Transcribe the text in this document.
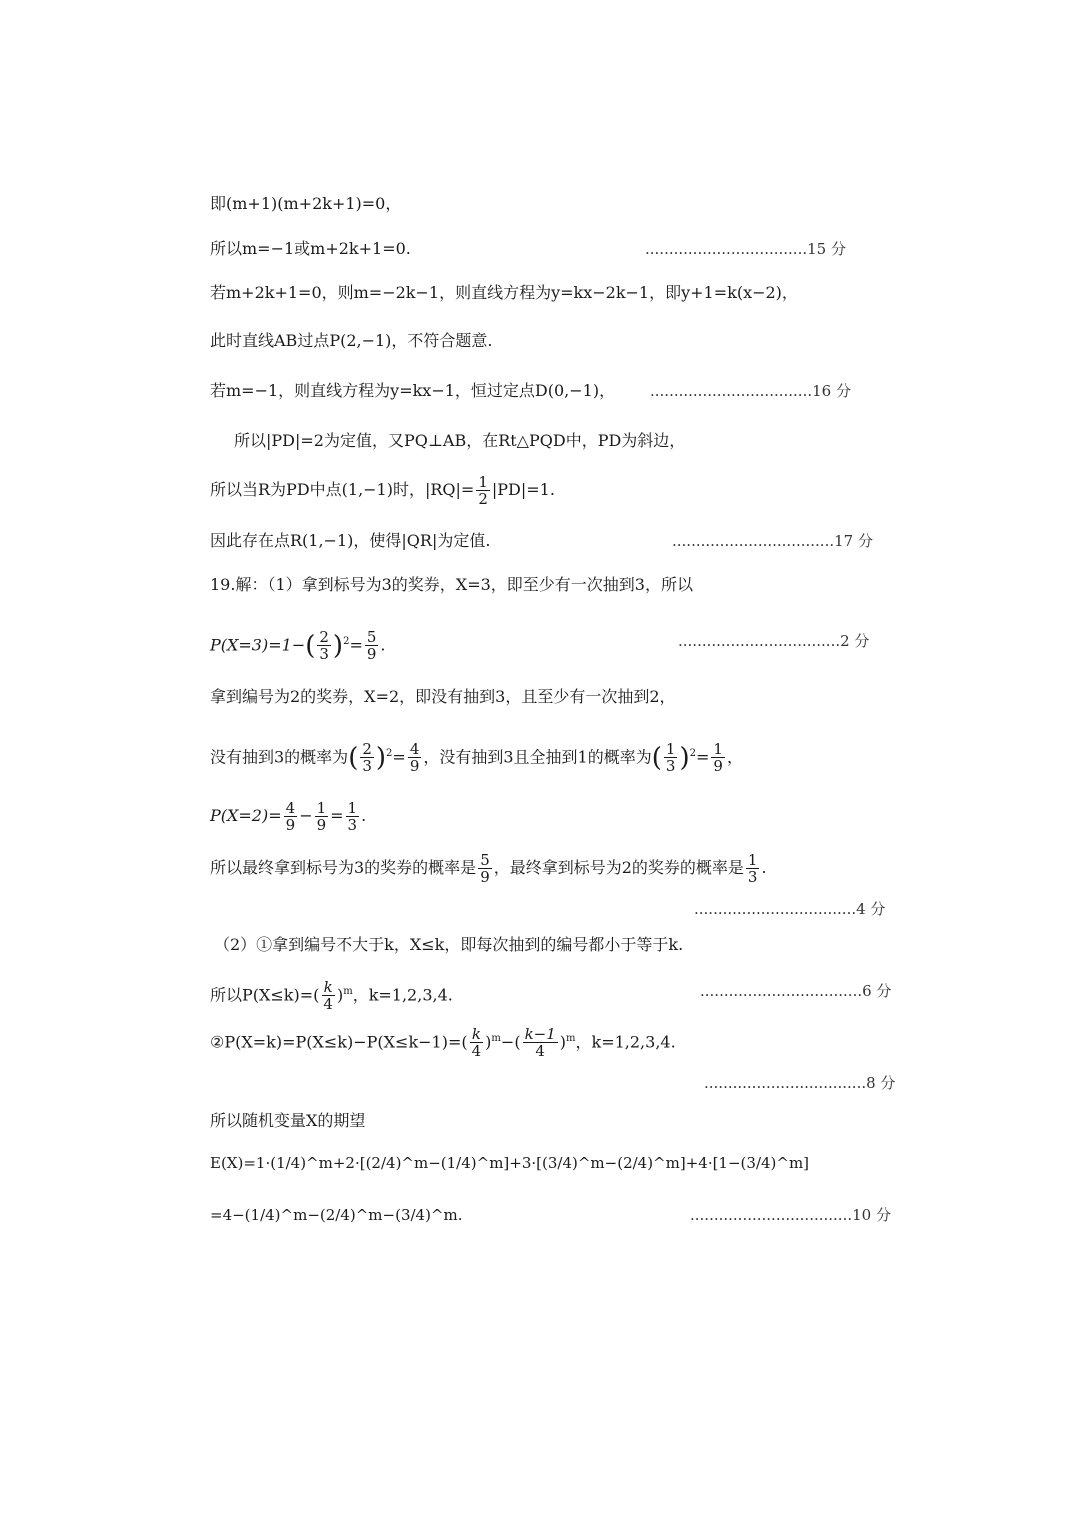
即(m+1)(m+2k+1)=0，
所以m=−1或m+2k+1=0.	..................................15 分
若m+2k+1=0，则m=−2k−1，则直线方程为y=kx−2k−1，即y+1=k(x−2)，
此时直线AB过点P(2,−1)，不符合题意.
若m=−1，则直线方程为y=kx−1，恒过定点D(0,−1)，	..................................16 分
所以|PD|=2为定值，又PQ⊥AB，在Rt△PQD中，PD为斜边，
所以当R为PD中点(1,−1)时，$|RQ|= \frac{1}{2} |PD|=1$.
因此存在点R(1,−1)，使得|QR|为定值.	..................................17 分
19.解：（1）拿到标号为3的奖券，X=3，即至少有一次抽到3，所以
$P(X=3)=1-( \frac{2}{3} )^2= \frac{5}{9}$ .	..................................2 分
拿到编号为2的奖券，X=2，即没有抽到3，且至少有一次抽到2，
没有抽到3的概率为( $\frac{2}{3} )^2= \frac{4}{9}$ ，没有抽到3且全抽到1的概率为( $\frac{1}{3} )^2= \frac{1}{9}$ ，
$P(X=2)= \frac{4}{9} - \frac{1}{9} = \frac{1}{3}$ .
所以最终拿到标号为3的奖券的概率是 $\frac{5}{9}$ ，最终拿到标号为2的奖券的概率是 $\frac{1}{3}$ .
..................................4 分
（2）①拿到编号不大于k，X≤k，即每次抽到的编号都小于等于k.
所以$P(X\le k)=( \frac{k}{4} )^m$，k=1,2,3,4.	..................................6 分
②P(X=k)=P(X≤k)−P(X≤k−1)=( $\frac{k}{4} )^m-( \frac{k-1}{4} )^m$，k=1,2,3,4.
..................................8 分
所以随机变量X的期望
E(X)=1·(1/4)^m+2·[(2/4)^m−(1/4)^m]+3·[(3/4)^m−(2/4)^m]+4·[1−(3/4)^m]
=4−(1/4)^m−(2/4)^m−(3/4)^m.	..................................10 分
